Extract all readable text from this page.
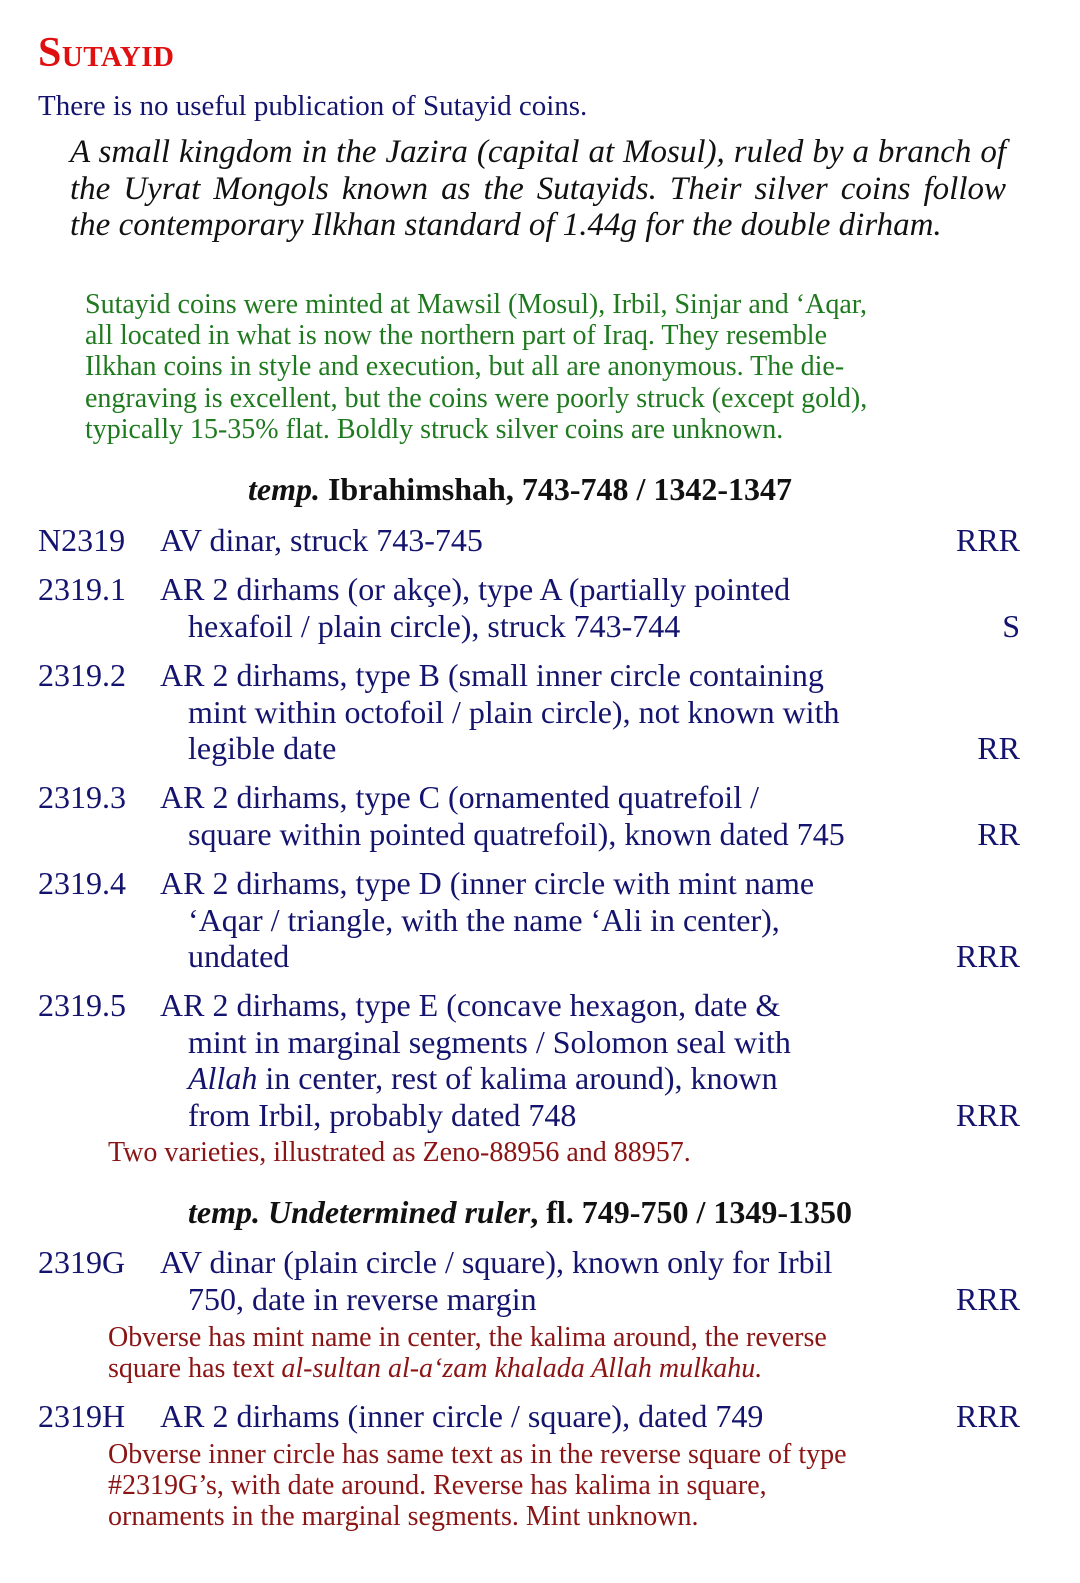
Sutayid
There is no useful publication of Sutayid coins.
A small kingdom in the Jazira (capital at Mosul), ruled by a branch of the Uyrat Mongols known as the Sutayids. Their silver coins follow the contemporary Ilkhan standard of 1.44g for the double dirham.
Sutayid coins were minted at Mawsil (Mosul), Irbil, Sinjar and ‘Aqar,
all located in what is now the northern part of Iraq. They resemble
Ilkhan coins in style and execution, but all are anonymous. The die-
engraving is excellent, but the coins were poorly struck (except gold),
typically 15-35% flat. Boldly struck silver coins are unknown.
temp. Ibrahimshah, 743-748 / 1342-1347
N2319 AV dinar, struck 743-745	RRR
2319.1 AR 2 dirhams (or akçe), type A (partially pointed
hexafoil / plain circle), struck 743-744	S
2319.2 AR 2 dirhams, type B (small inner circle containing
mint within octofoil / plain circle), not known with
legible date	RR
2319.3 AR 2 dirhams, type C (ornamented quatrefoil /
square within pointed quatrefoil), known dated 745	RR
2319.4 AR 2 dirhams, type D (inner circle with mint name
‘Aqar / triangle, with the name ‘Ali in center),
undated	RRR
2319.5 AR 2 dirhams, type E (concave hexagon, date &
mint in marginal segments / Solomon seal with
Allah in center, rest of kalima around), known
from Irbil, probably dated 748	RRR
Two varieties, illustrated as Zeno-88956 and 88957.
temp. Undetermined ruler, fl. 749-750 / 1349-1350
2319G AV dinar (plain circle / square), known only for Irbil
750, date in reverse margin	RRR
Obverse has mint name in center, the kalima around, the reverse
square has text al-sultan al-a‘zam khalada Allah mulkahu.
2319H AR 2 dirhams (inner circle / square), dated 749	RRR
Obverse inner circle has same text as in the reverse square of type
#2319G’s, with date around. Reverse has kalima in square,
ornaments in the marginal segments. Mint unknown.
